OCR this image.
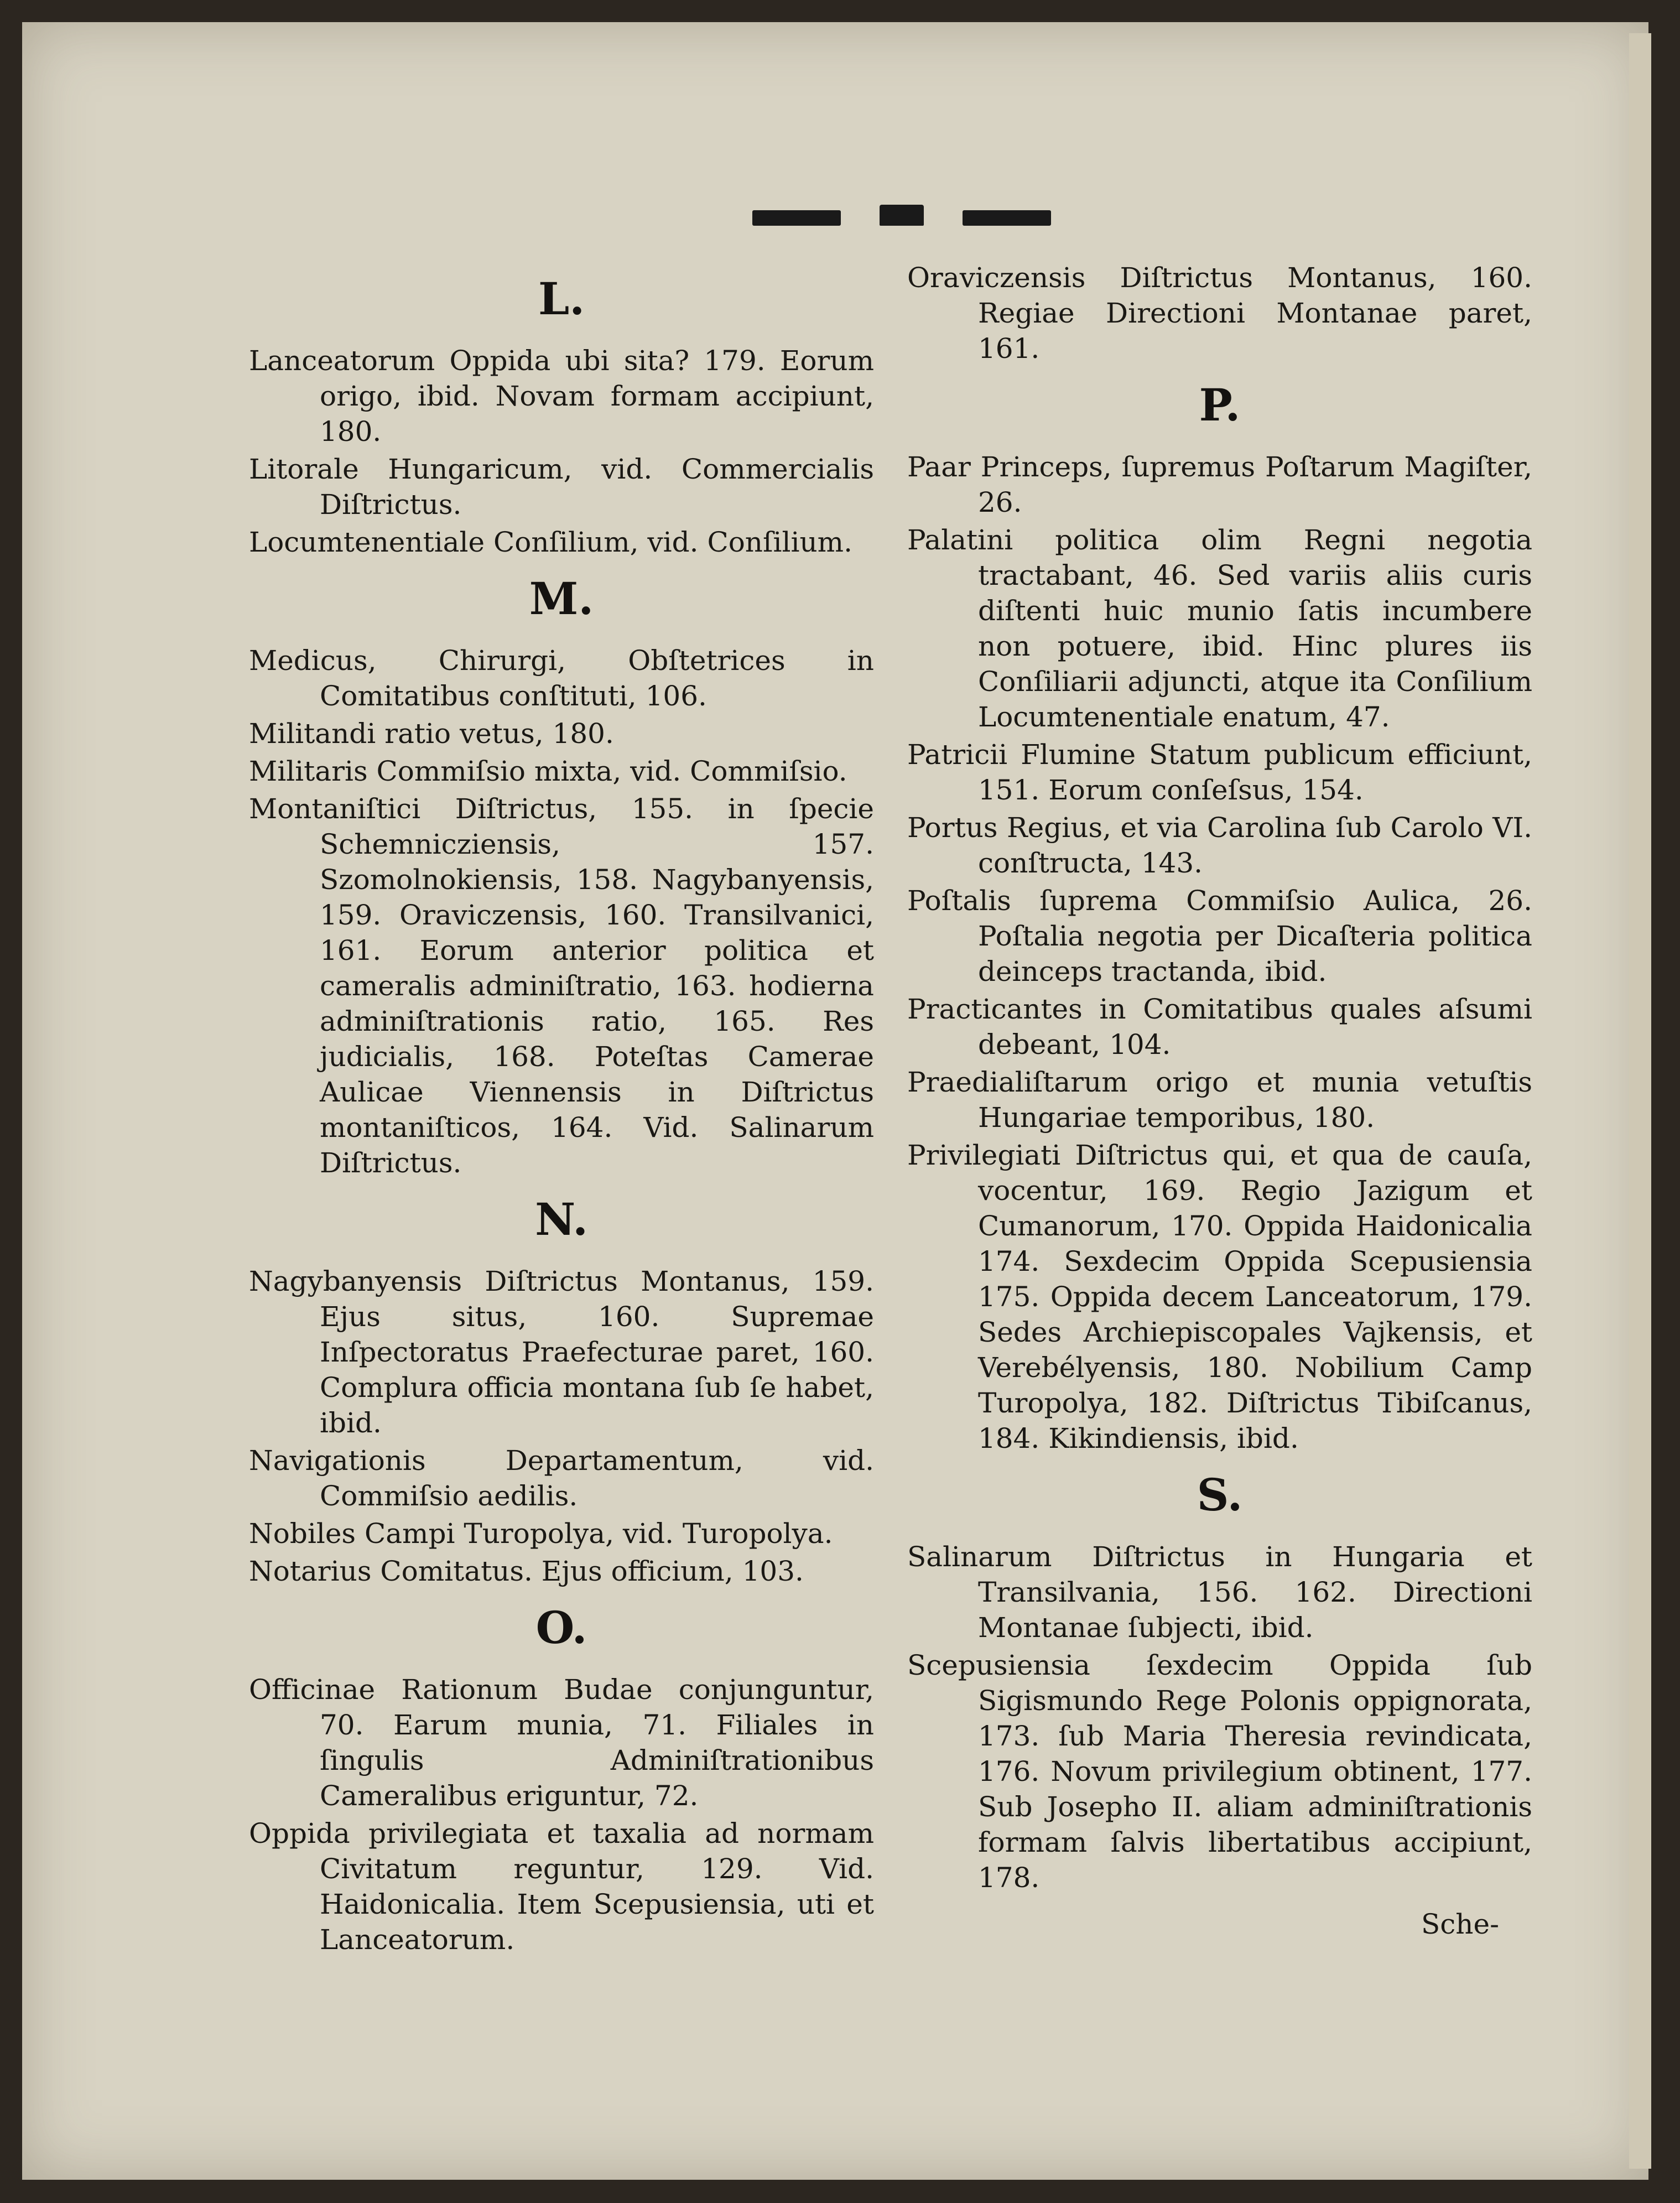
L.

Lanceatorum Oppida ubi sita? 179. Eorum origo, ibid. Novam formam accipiunt, 180.

Litorale Hungaricum, vid. Commercialis Diſtrictus.

Locumtenentiale Conſilium, vid. Conſilium.

M.

Medicus, Chirurgi, Obſtetrices in Comitatibus conſtituti, 106.

Militandi ratio vetus, 180.

Militaris Commiſsio mixta, vid. Commiſsio.

Montaniſtici Diſtrictus, 155. in ſpecie Schemnicziensis, 157. Szomolnokiensis, 158. Nagybanyensis, 159. Oraviczensis, 160. Transilvanici, 161. Eorum anterior politica et cameralis adminiſtratio, 163. hodierna adminiſtrationis ratio, 165. Res judicialis, 168. Poteſtas Camerae Aulicae Viennensis in Diſtrictus montaniſticos, 164. Vid. Salinarum Diſtrictus.

N.

Nagybanyensis Diſtrictus Montanus, 159. Ejus situs, 160. Supremae Inſpectoratus Praefecturae paret, 160. Complura officia montana ſub ſe habet, ibid.

Navigationis Departamentum, vid. Commiſsio aedilis.

Nobiles Campi Turopolya, vid. Turopolya.

Notarius Comitatus. Ejus officium, 103.

O.

Officinae Rationum Budae conjunguntur, 70. Earum munia, 71. Filiales in ſingulis Adminiſtrationibus Cameralibus eriguntur, 72.

Oppida privilegiata et taxalia ad normam Civitatum reguntur, 129. Vid. Haidonicalia. Item Scepusiensia, uti et Lanceatorum.

Oraviczensis Diſtrictus Montanus, 160. Regiae Directioni Montanae paret, 161.

P.

Paar Princeps, ſupremus Poſtarum Magiſter, 26.

Palatini politica olim Regni negotia tractabant, 46. Sed variis aliis curis diſtenti huic munio ſatis incumbere non potuere, ibid. Hinc plures iis Conſiliarii adjuncti, atque ita Conſilium Locumtenentiale enatum, 47.

Patricii Flumine Statum publicum efficiunt, 151. Eorum conſeſsus, 154.

Portus Regius, et via Carolina ſub Carolo VI. conſtructa, 143.

Poſtalis ſuprema Commiſsio Aulica, 26. Poſtalia negotia per Dicaſteria politica deinceps tractanda, ibid.

Practicantes in Comitatibus quales aſsumi debeant, 104.

Praedialiſtarum origo et munia vetuſtis Hungariae temporibus, 180.

Privilegiati Diſtrictus qui, et qua de cauſa, vocentur, 169. Regio Jazigum et Cumanorum, 170. Oppida Haidonicalia 174. Sexdecim Oppida Scepusiensia 175. Oppida decem Lanceatorum, 179. Sedes Archiepiscopales Vajkensis, et Verebélyensis, 180. Nobilium Camp Turopolya, 182. Diſtrictus Tibiſcanus, 184. Kikindiensis, ibid.

S.

Salinarum Diſtrictus in Hungaria et Transilvania, 156. 162. Directioni Montanae ſubjecti, ibid.

Scepusiensia ſexdecim Oppida ſub Sigismundo Rege Polonis oppignorata, 173. ſub Maria Theresia revindicata, 176. Novum privilegium obtinent, 177. Sub Josepho II. aliam adminiſtrationis formam ſalvis libertatibus accipiunt, 178.

Sche-
